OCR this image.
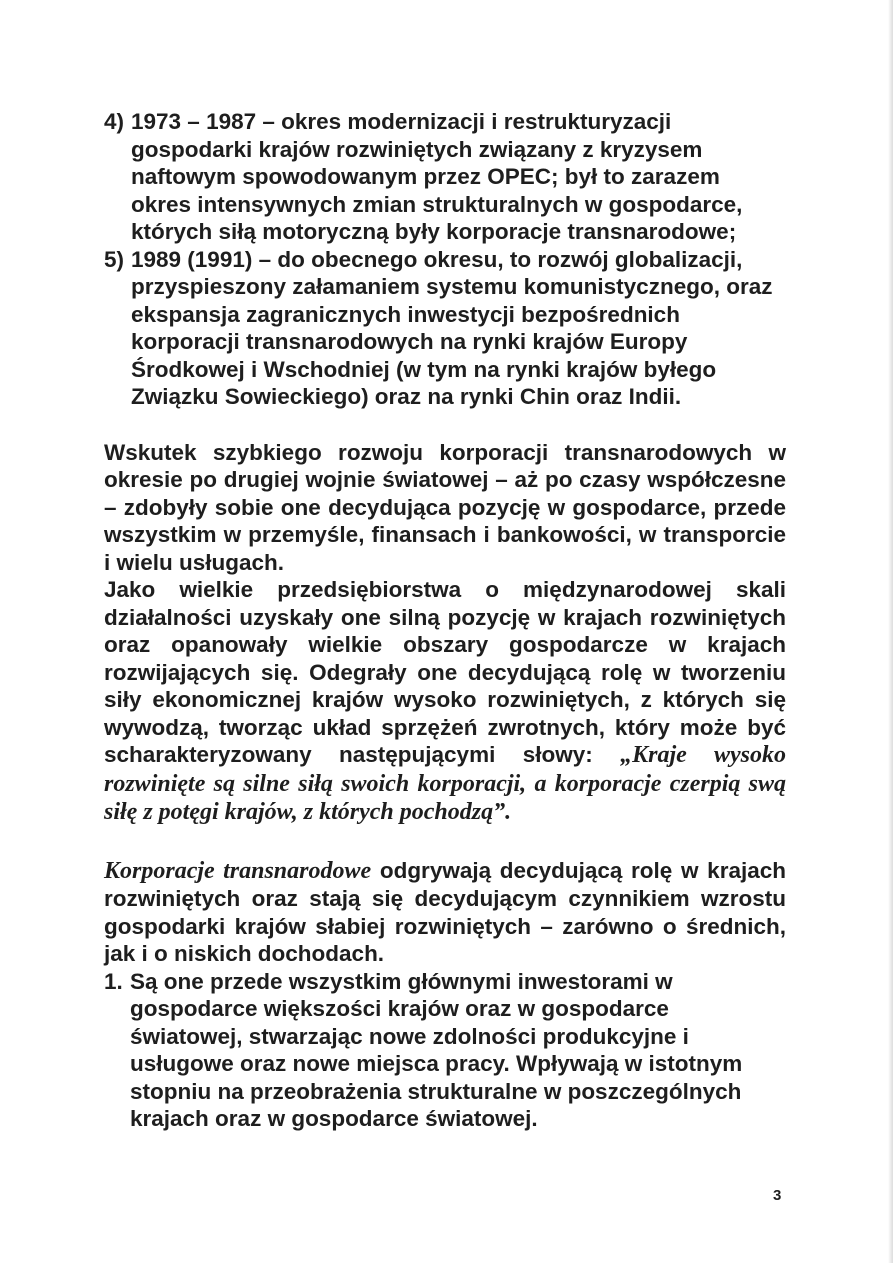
4) 1973 – 1987 – okres modernizacji i restrukturyzacji gospodarki krajów rozwiniętych związany z kryzysem naftowym spowodowanym przez OPEC; był to zarazem okres intensywnych zmian strukturalnych w gospodarce, których siłą motoryczną były korporacje transnarodowe;
5) 1989 (1991) – do obecnego okresu, to rozwój globalizacji, przyspieszony załamaniem systemu komunistycznego, oraz ekspansja zagranicznych inwestycji bezpośrednich korporacji transnarodowych na rynki krajów Europy Środkowej i Wschodniej (w tym na rynki krajów byłego Związku Sowieckiego) oraz na rynki Chin oraz Indii.
Wskutek szybkiego rozwoju korporacji transnarodowych w okresie po drugiej wojnie światowej – aż po czasy współczesne – zdobyły sobie one decydująca pozycję w gospodarce, przede wszystkim w przemyśle, finansach i bankowości, w transporcie i wielu usługach.
Jako wielkie przedsiębiorstwa o międzynarodowej skali działalności uzyskały one silną pozycję w krajach rozwiniętych oraz opanowały wielkie obszary gospodarcze w krajach rozwijających się. Odegrały one decydującą rolę w tworzeniu siły ekonomicznej krajów wysoko rozwiniętych, z których się wywodzą, tworząc układ sprzężeń zwrotnych, który może być scharakteryzowany następującymi słowy: „Kraje wysoko rozwinięte są silne siłą swoich korporacji, a korporacje czerpią swą siłę z potęgi krajów, z których pochodzą”.
Korporacje transnarodowe odgrywają decydującą rolę w krajach rozwiniętych oraz stają się decydującym czynnikiem wzrostu gospodarki krajów słabiej rozwiniętych – zarówno o średnich, jak i o niskich dochodach.
1. Są one przede wszystkim głównymi inwestorami w gospodarce większości krajów oraz w gospodarce światowej, stwarzając nowe zdolności produkcyjne i usługowe oraz nowe miejsca pracy. Wpływają w istotnym stopniu na przeobrażenia strukturalne w poszczególnych krajach oraz w gospodarce światowej.
3
